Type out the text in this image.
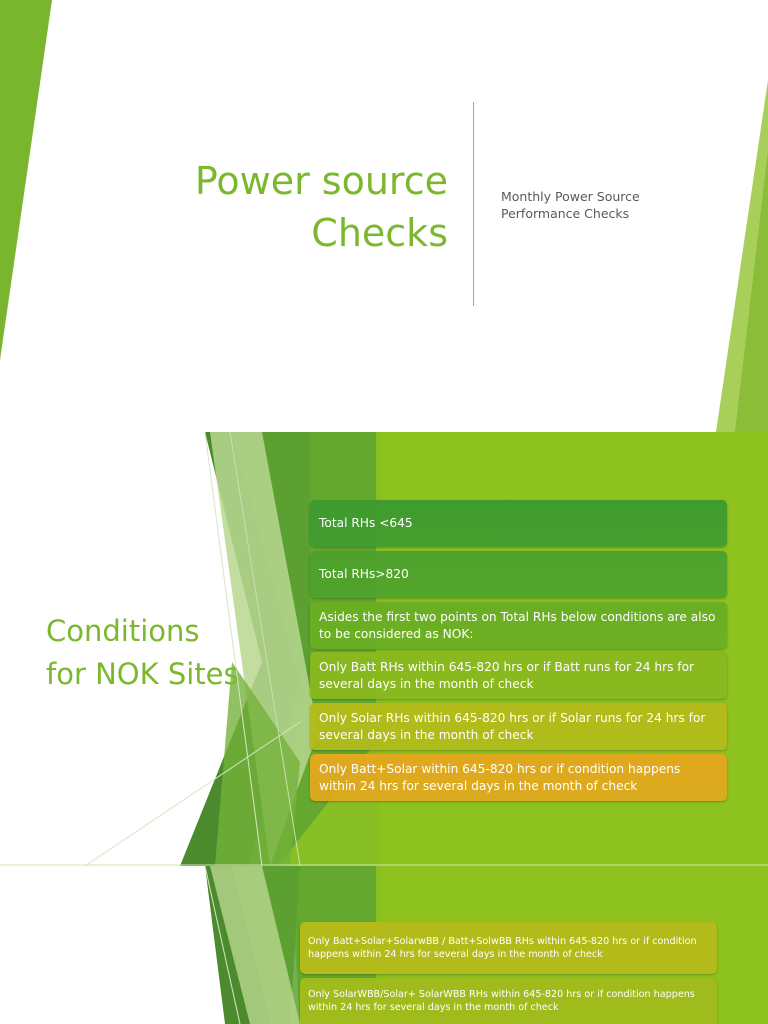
Power source
Checks
Monthly Power Source
Performance Checks
Conditions
for NOK Sites
Total RHs <645
Total RHs>820
Asides the first two points on Total RHs below conditions are also to be considered as NOK:
Only Batt RHs within 645-820 hrs or if Batt runs for 24 hrs for several days in the month of check
Only Solar RHs within 645-820 hrs or if Solar runs for 24 hrs for several days in the month of check
Only Batt+Solar within 645-820 hrs or if condition happens within 24 hrs for several days in the month of check
Only Batt+Solar+SolarwBB / Batt+SolwBB RHs within 645-820 hrs or if condition happens within 24 hrs for several days in the month of check
Only SolarWBB/Solar+ SolarWBB RHs within 645-820 hrs or if condition happens within 24 hrs for several days in the month of check
